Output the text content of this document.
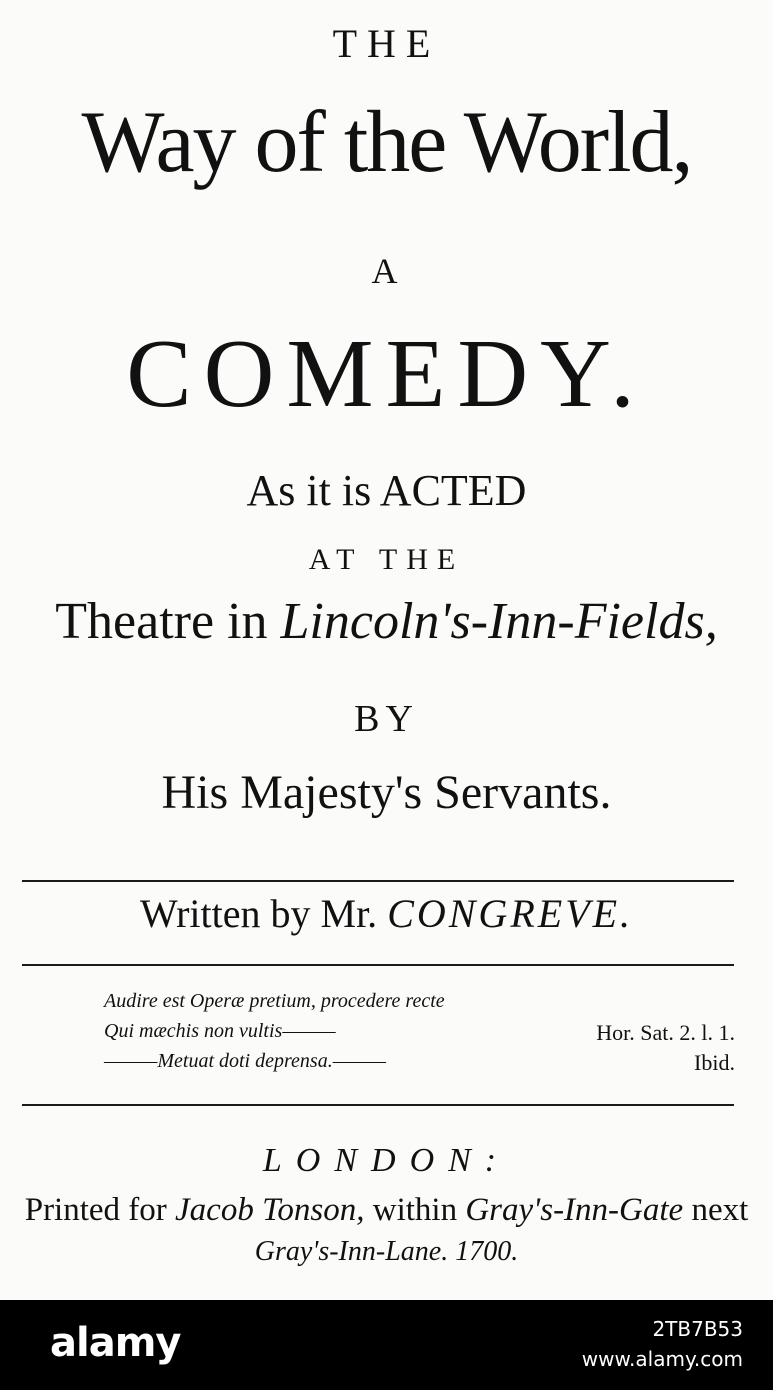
THE
Way of the World,
A
COMEDY.
As it is ACTED
AT THE
Theatre in Lincoln's-Inn-Fields,
BY
His Majesty's Servants.
Written by Mr. CONGREVE.
Audire est Operæ pretium, procedere recte
Qui mæchis non vultis———
———Metuat doti deprensa.———
Hor. Sat. 2. l. 1.
Ibid.
LONDON:
Printed for Jacob Tonson, within Gray's-Inn-Gate next
Gray's-Inn-Lane. 1700.
alamy	2TB7B53
www.alamy.com
